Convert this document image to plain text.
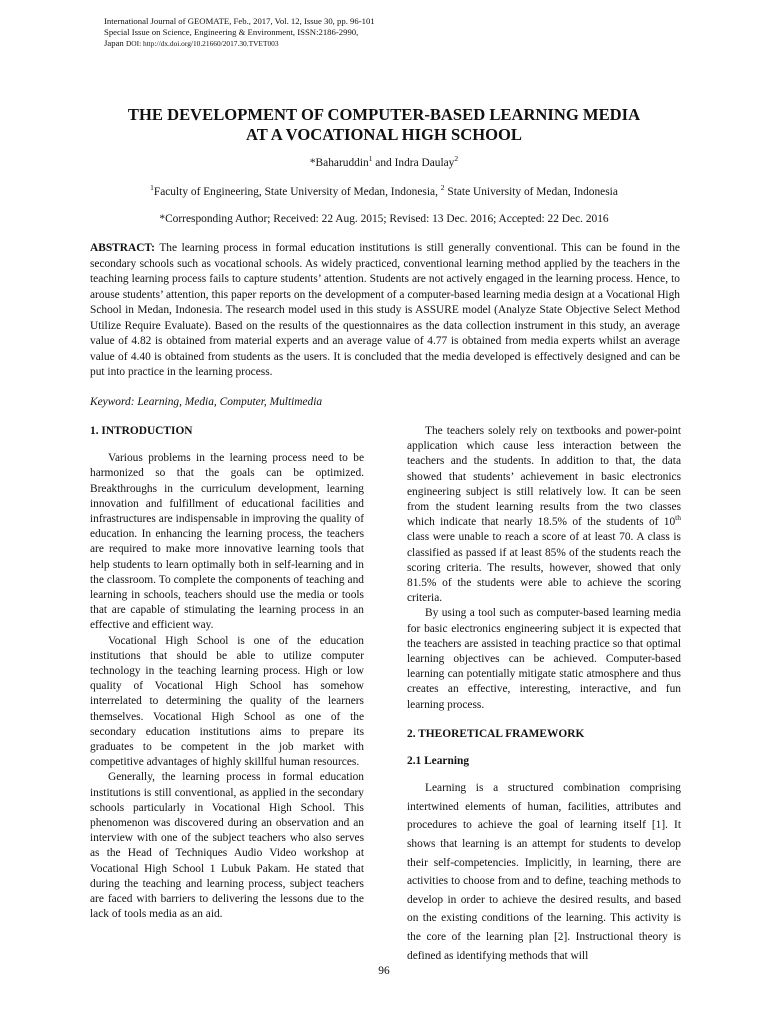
International Journal of GEOMATE, Feb., 2017, Vol. 12, Issue 30, pp. 96-101
Special Issue on Science, Engineering & Environment, ISSN:2186-2990,
Japan DOI: http://dx.doi.org/10.21660/2017.30.TVET003
THE DEVELOPMENT OF COMPUTER-BASED LEARNING MEDIA
AT A VOCATIONAL HIGH SCHOOL
*Baharuddin$^1$ and Indra Daulay$^2$
$^1$Faculty of Engineering, State University of Medan, Indonesia, $^2$ State University of Medan, Indonesia
*Corresponding Author; Received: 22 Aug. 2015; Revised: 13 Dec. 2016; Accepted: 22 Dec. 2016
ABSTRACT: The learning process in formal education institutions is still generally conventional. This can be found in the secondary schools such as vocational schools. As widely practiced, conventional learning method applied by the teachers in the teaching learning process fails to capture students’ attention. Students are not actively engaged in the learning process. Hence, to arouse students’ attention, this paper reports on the development of a computer-based learning media design at a Vocational High School in Medan, Indonesia. The research model used in this study is ASSURE model (Analyze State Objective Select Method Utilize Require Evaluate). Based on the results of the questionnaires as the data collection instrument in this study, an average value of 4.82 is obtained from material experts and an average value of 4.77 is obtained from media experts whilst an average value of 4.40 is obtained from students as the users. It is concluded that the media developed is effectively designed and can be put into practice in the learning process.
Keyword: Learning, Media, Computer, Multimedia
1. INTRODUCTION

Various problems in the learning process need to be harmonized so that the goals can be optimized. Breakthroughs in the curriculum development, learning innovation and fulfillment of educational facilities and infrastructures are indispensable in improving the quality of education. In enhancing the learning process, the teachers are required to make more innovative learning tools that help students to learn optimally both in self-learning and in the classroom. To complete the components of teaching and learning in schools, teachers should use the media or tools that are capable of stimulating the learning process in an effective and efficient way.

Vocational High School is one of the education institutions that should be able to utilize computer technology in the teaching learning process. High or low quality of Vocational High School has somehow interrelated to determining the quality of the learners themselves. Vocational High School as one of the secondary education institutions aims to prepare its graduates to be competent in the job market with competitive advantages of highly skillful human resources.

Generally, the learning process in formal education institutions is still conventional, as applied in the secondary schools particularly in Vocational High School. This phenomenon was discovered during an observation and an interview with one of the subject teachers who also serves as the Head of Techniques Audio Video workshop at Vocational High School 1 Lubuk Pakam. He stated that during the teaching and learning process, subject teachers are faced with barriers to delivering the lessons due to the lack of tools media as an aid.

The teachers solely rely on textbooks and power-point application which cause less interaction between the teachers and the students. In addition to that, the data showed that students’ achievement in basic electronics engineering subject is still relatively low. It can be seen from the student learning results from the two classes which indicate that nearly 18.5% of the students of 10th class were unable to reach a score of at least 70. A class is classified as passed if at least 85% of the students reach the scoring criteria. The results, however, showed that only 81.5% of the students were able to achieve the scoring criteria.

By using a tool such as computer-based learning media for basic electronics engineering subject it is expected that the teachers are assisted in teaching practice so that optimal learning objectives can be achieved. Computer-based learning can potentially mitigate static atmosphere and thus creates an effective, interesting, interactive, and fun learning process.

2. THEORETICAL FRAMEWORK
2.1 Learning

Learning is a structured combination comprising intertwined elements of human, facilities, attributes and procedures to achieve the goal of learning itself [1]. It shows that learning is an attempt for students to develop their self-competencies. Implicitly, in learning, there are activities to choose from and to define, teaching methods to develop in order to achieve the desired results, and based on the existing conditions of the learning. This activity is the core of the learning plan [2]. Instructional theory is defined as identifying methods that will

96
